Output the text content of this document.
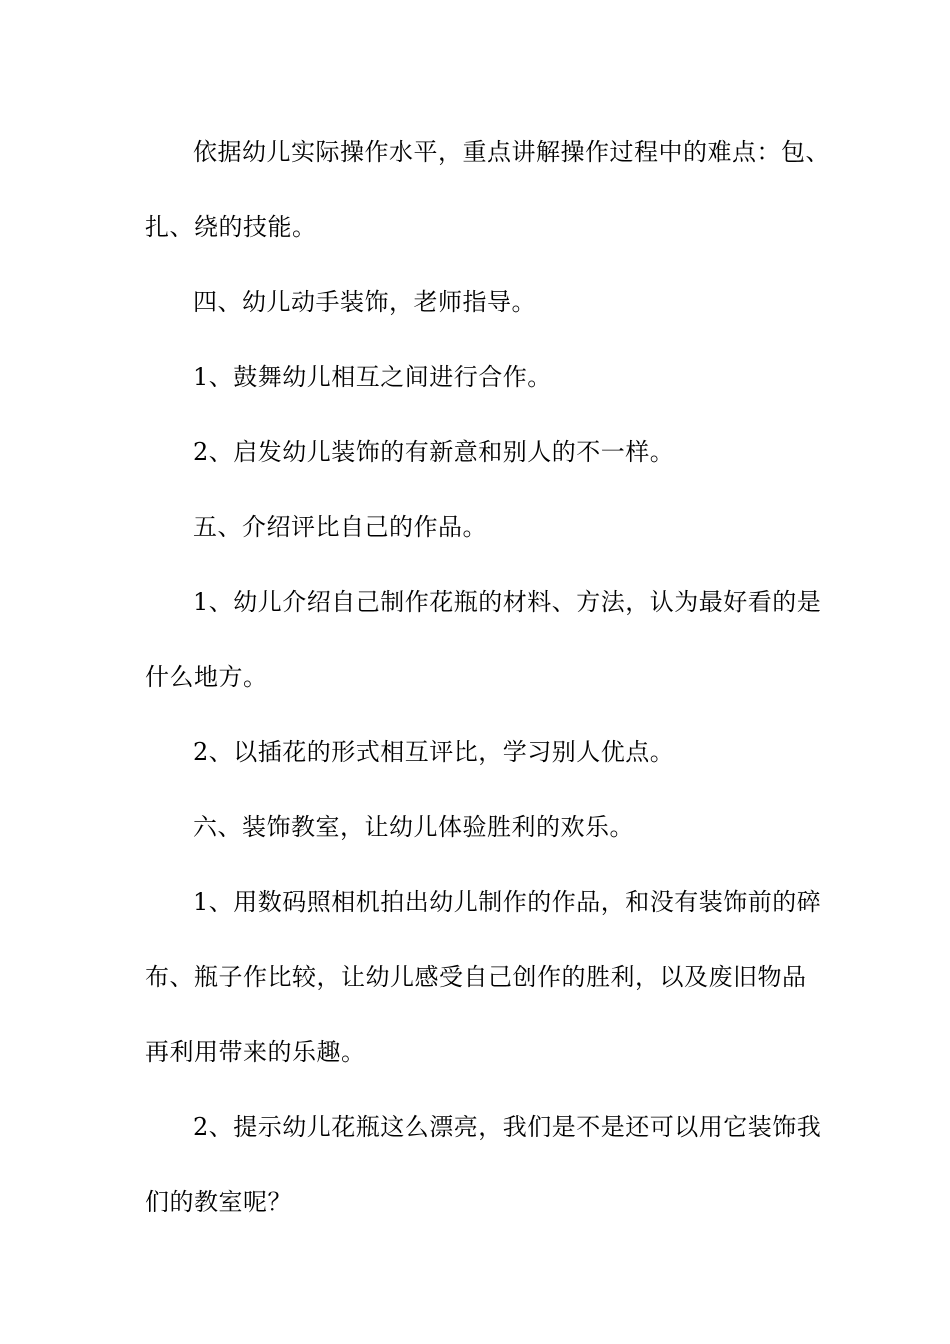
依据幼儿实际操作水平，重点讲解操作过程中的难点：包、
扎、绕的技能。
四、幼儿动手装饰，老师指导。
1、鼓舞幼儿相互之间进行合作。
2、启发幼儿装饰的有新意和别人的不一样。
五、介绍评比自己的作品。
1、幼儿介绍自己制作花瓶的材料、方法，认为最好看的是
什么地方。
2、以插花的形式相互评比，学习别人优点。
六、装饰教室，让幼儿体验胜利的欢乐。
1、用数码照相机拍出幼儿制作的作品，和没有装饰前的碎
布、瓶子作比较，让幼儿感受自己创作的胜利，以及废旧物品
再利用带来的乐趣。
2、提示幼儿花瓶这么漂亮，我们是不是还可以用它装饰我
们的教室呢？
